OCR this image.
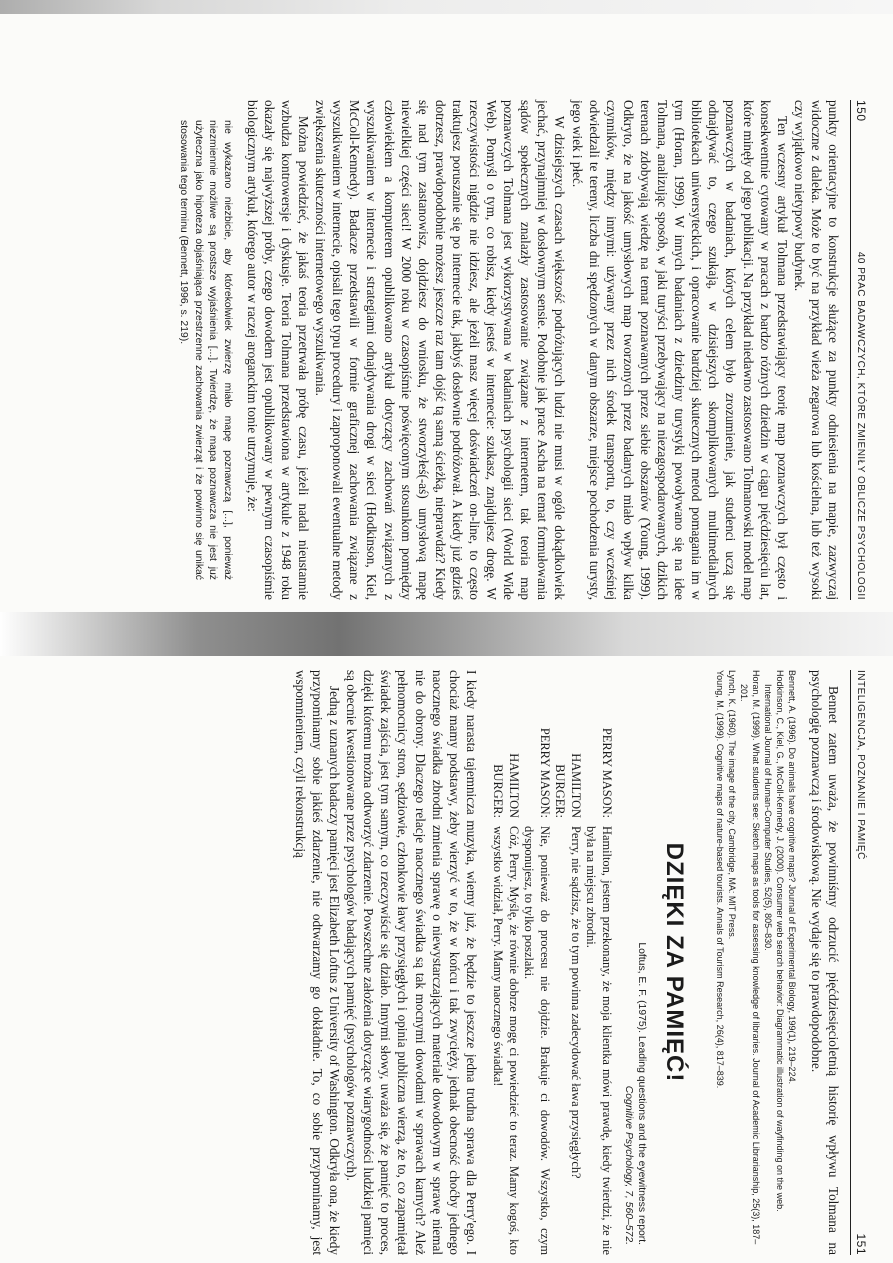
150
40 PRAC BADAWCZYCH, KTÓRE ZMIENIŁY OBLICZE PSYCHOLOGII

punkty orientacyjne to konstrukcje służące za punkty odniesienia na mapie, zazwyczaj widoczne z daleka. Może to być na przykład wieża zegarowa lub kościelna, lub też wysoki czy wyjątkowo nietypowy budynek.

Ten wczesny artykuł Tolmana przedstawiający teorię map poznawczych był często i konsekwentnie cytowany w pracach z bardzo różnych dziedzin w ciągu pięćdziesięciu lat, które minęły od jego publikacji. Na przykład niedawno zastosowano Tolmanowski model map poznawczych w badaniach, których celem było zrozumienie, jak studenci uczą się odnajdywać to, czego szukają, w dzisiejszych skomplikowanych multimedialnych bibliotekach uniwersyteckich, i opracowanie bardziej skutecznych metod pomagania im w tym (Horan, 1999). W innych badaniach z dziedziny turystyki powoływano się na idee Tolmana, analizując sposób, w jaki turyści przebywający na niezagospodarowanych, dzikich terenach zdobywają wiedzę na temat poznawanych przez siebie obszarów (Young, 1999). Odkryto, że na jakość umysłowych map tworzonych przez badanych miało wpływ kilka czynników, między innymi: używany przez nich środek transportu, to, czy wcześniej odwiedzali te tereny, liczba dni spędzonych w danym obszarze, miejsce pochodzenia turysty, jego wiek i płeć.

W dzisiejszych czasach większość podróżujących ludzi nie musi w ogóle dokądkolwiek jechać, przynajmniej w dosłownym sensie. Podobnie jak prace Ascha na temat formułowania sądów społecznych znalazły zastosowanie związane z internetem, tak teoria map poznawczych Tolmana jest wykorzystywana w badaniach psychologii sieci (World Wide Web). Pomyśl o tym, co robisz, kiedy jesteś w internecie: szukasz, znajdujesz drogę. W rzeczywistości nigdzie nie idziesz, ale jeżeli masz więcej doświadczeń on-line, to często traktujesz poruszanie się po internecie tak, jakbyś dosłownie podróżował. A kiedy już gdzieś dotrzesz, prawdopodobnie możesz jeszcze raz tam dojść tą samą ścieżką, nieprawdaż? Kiedy się nad tym zastanowisz, dojdziesz do wniosku, że stworzyłeś(-aś) umysłową mapę niewielkiej części sieci! W 2000 roku w czasopiśmie poświęconym stosunkom pomiędzy człowiekiem a komputerem opublikowano artykuł dotyczący zachowań związanych z wyszukiwaniem w internecie i strategiami odnajdywania drogi w sieci (Hodkinson, Kiel, McColl-Kennedy). Badacze przedstawili w formie graficznej zachowania związane z wyszukiwaniem w internecie, opisali tego typu procedury i zaproponowali ewentualne metody zwiększenia skuteczności internetowego wyszukiwania.

Można powiedzieć, że jakaś teoria przetrwała próbę czasu, jeżeli nadal nieustannie wzbudza kontrowersje i dyskusje. Teoria Tolmana przedstawiona w artykule z 1948 roku okazały się najwyższej próby, czego dowodem jest opublikowany w pewnym czasopiśmie biologicznym artykuł, którego autor w raczej aroganckim tonie utrzymuje, że:

nie wykazano niezbicie, aby którekolwiek zwierzę miało mapę poznawczą [...], ponieważ niezmiennie możliwe są prostsze wyjaśnienia [...]. Twierdzę, że mapa poznawcza nie jest już użyteczna jako hipoteza objaśniająca przestrzenne zachowania zwierząt i że powinno się unikać stosowania tego terminu (Bennett, 1996, s. 219).

INTELIGENCJA, POZNANIE I PAMIĘĆ
151

Bennet zatem uważa, że powinniśmy odrzucić pięćdziesięcioletnią historię wpływu Tolmana na psychologię poznawczą i środowiskową. Nie wydaje się to prawdopodobne.

Bennett, A. (1996). Do animals have cognitive maps? Journal of Experimental Biology, 199(1), 219–224.
Hodkinson, C., Kiel, G., McColl-Kennedy, J. (2000). Consumer web search behavior: Diagrammatic illustration of wayfinding on the web. International Journal of Human-Computer Studies, 52(5), 805–830.
Horan, M. (1999). What students see: Sketch maps as tools for assessing knowledge of libraries. Journal of Academic Librarianship, 25(3), 187–201.
Lynch, K. (1960). The image of the city. Cambridge, MA: MIT Press.
Young, M. (1999). Cognitive maps of nature-based tourists. Annals of Tourism Research, 26(4), 817–839.
DZIĘKI ZA PAMIĘĆ!
Loftus, E. F. (1975). Leading questions and the eyewitness report.
Cognitive Psychology, 7, 560–572.
PERRY MASON:
Hamilton, jestem przekonany, że moja klientka mówi prawdę, kiedy twierdzi, że nie była na miejscu zbrodni.
HAMILTON BURGER:
Perry, nie sądzisz, że to tym powinna zadecydować ława przysięgłych?
PERRY MASON:
Nie, ponieważ do procesu nie dojdzie. Brakuje ci dowodów. Wszystko, czym dysponujesz, to tylko poszlaki.
HAMILTON BURGER:
Cóż, Perry. Myślę, że równie dobrze mogę ci powiedzieć to teraz. Mamy kogoś, kto wszystko widział, Perry. Mamy naocznego świadka!

I kiedy narasta tajemnicza muzyka, wiemy już, że będzie to jeszcze jedna trudna sprawa dla Perry'ego. I chociaż mamy podstawy, żeby wierzyć w to, że w końcu i tak zwycięży, jednak obecność choćby jednego naocznego świadka zbrodni zmienia sprawę o niewystarczających materiale dowodowym w sprawę niemal nie do obrony. Dlaczego relacje naocznego świadka są tak mocnymi dowodami w sprawach karnych? Ależ pełnomocnicy stron, sędziowie, członkowie ławy przysięgłych i opinia publiczna wierzą, że to, co zapamiętał świadek zajścia, jest tym samym, co rzeczywiście się działo. Innymi słowy, uważa się, że pamięć to proces, dzięki któremu można odtworzyć zdarzenie. Powszechne założenia dotyczące wiarygodności ludzkiej pamięci są obecnie kwestionowane przez psychologów badających pamięć (psychologów poznawczych).

Jedną z uznanych badaczy pamięci jest Elizabeth Loftus z University of Washington. Odkryła ona, że kiedy przypominamy sobie jakieś zdarzenie, nie odtwarzamy go dokładnie. To, co sobie przypominamy, jest wspomnieniem, czyli rekonstrukcją
